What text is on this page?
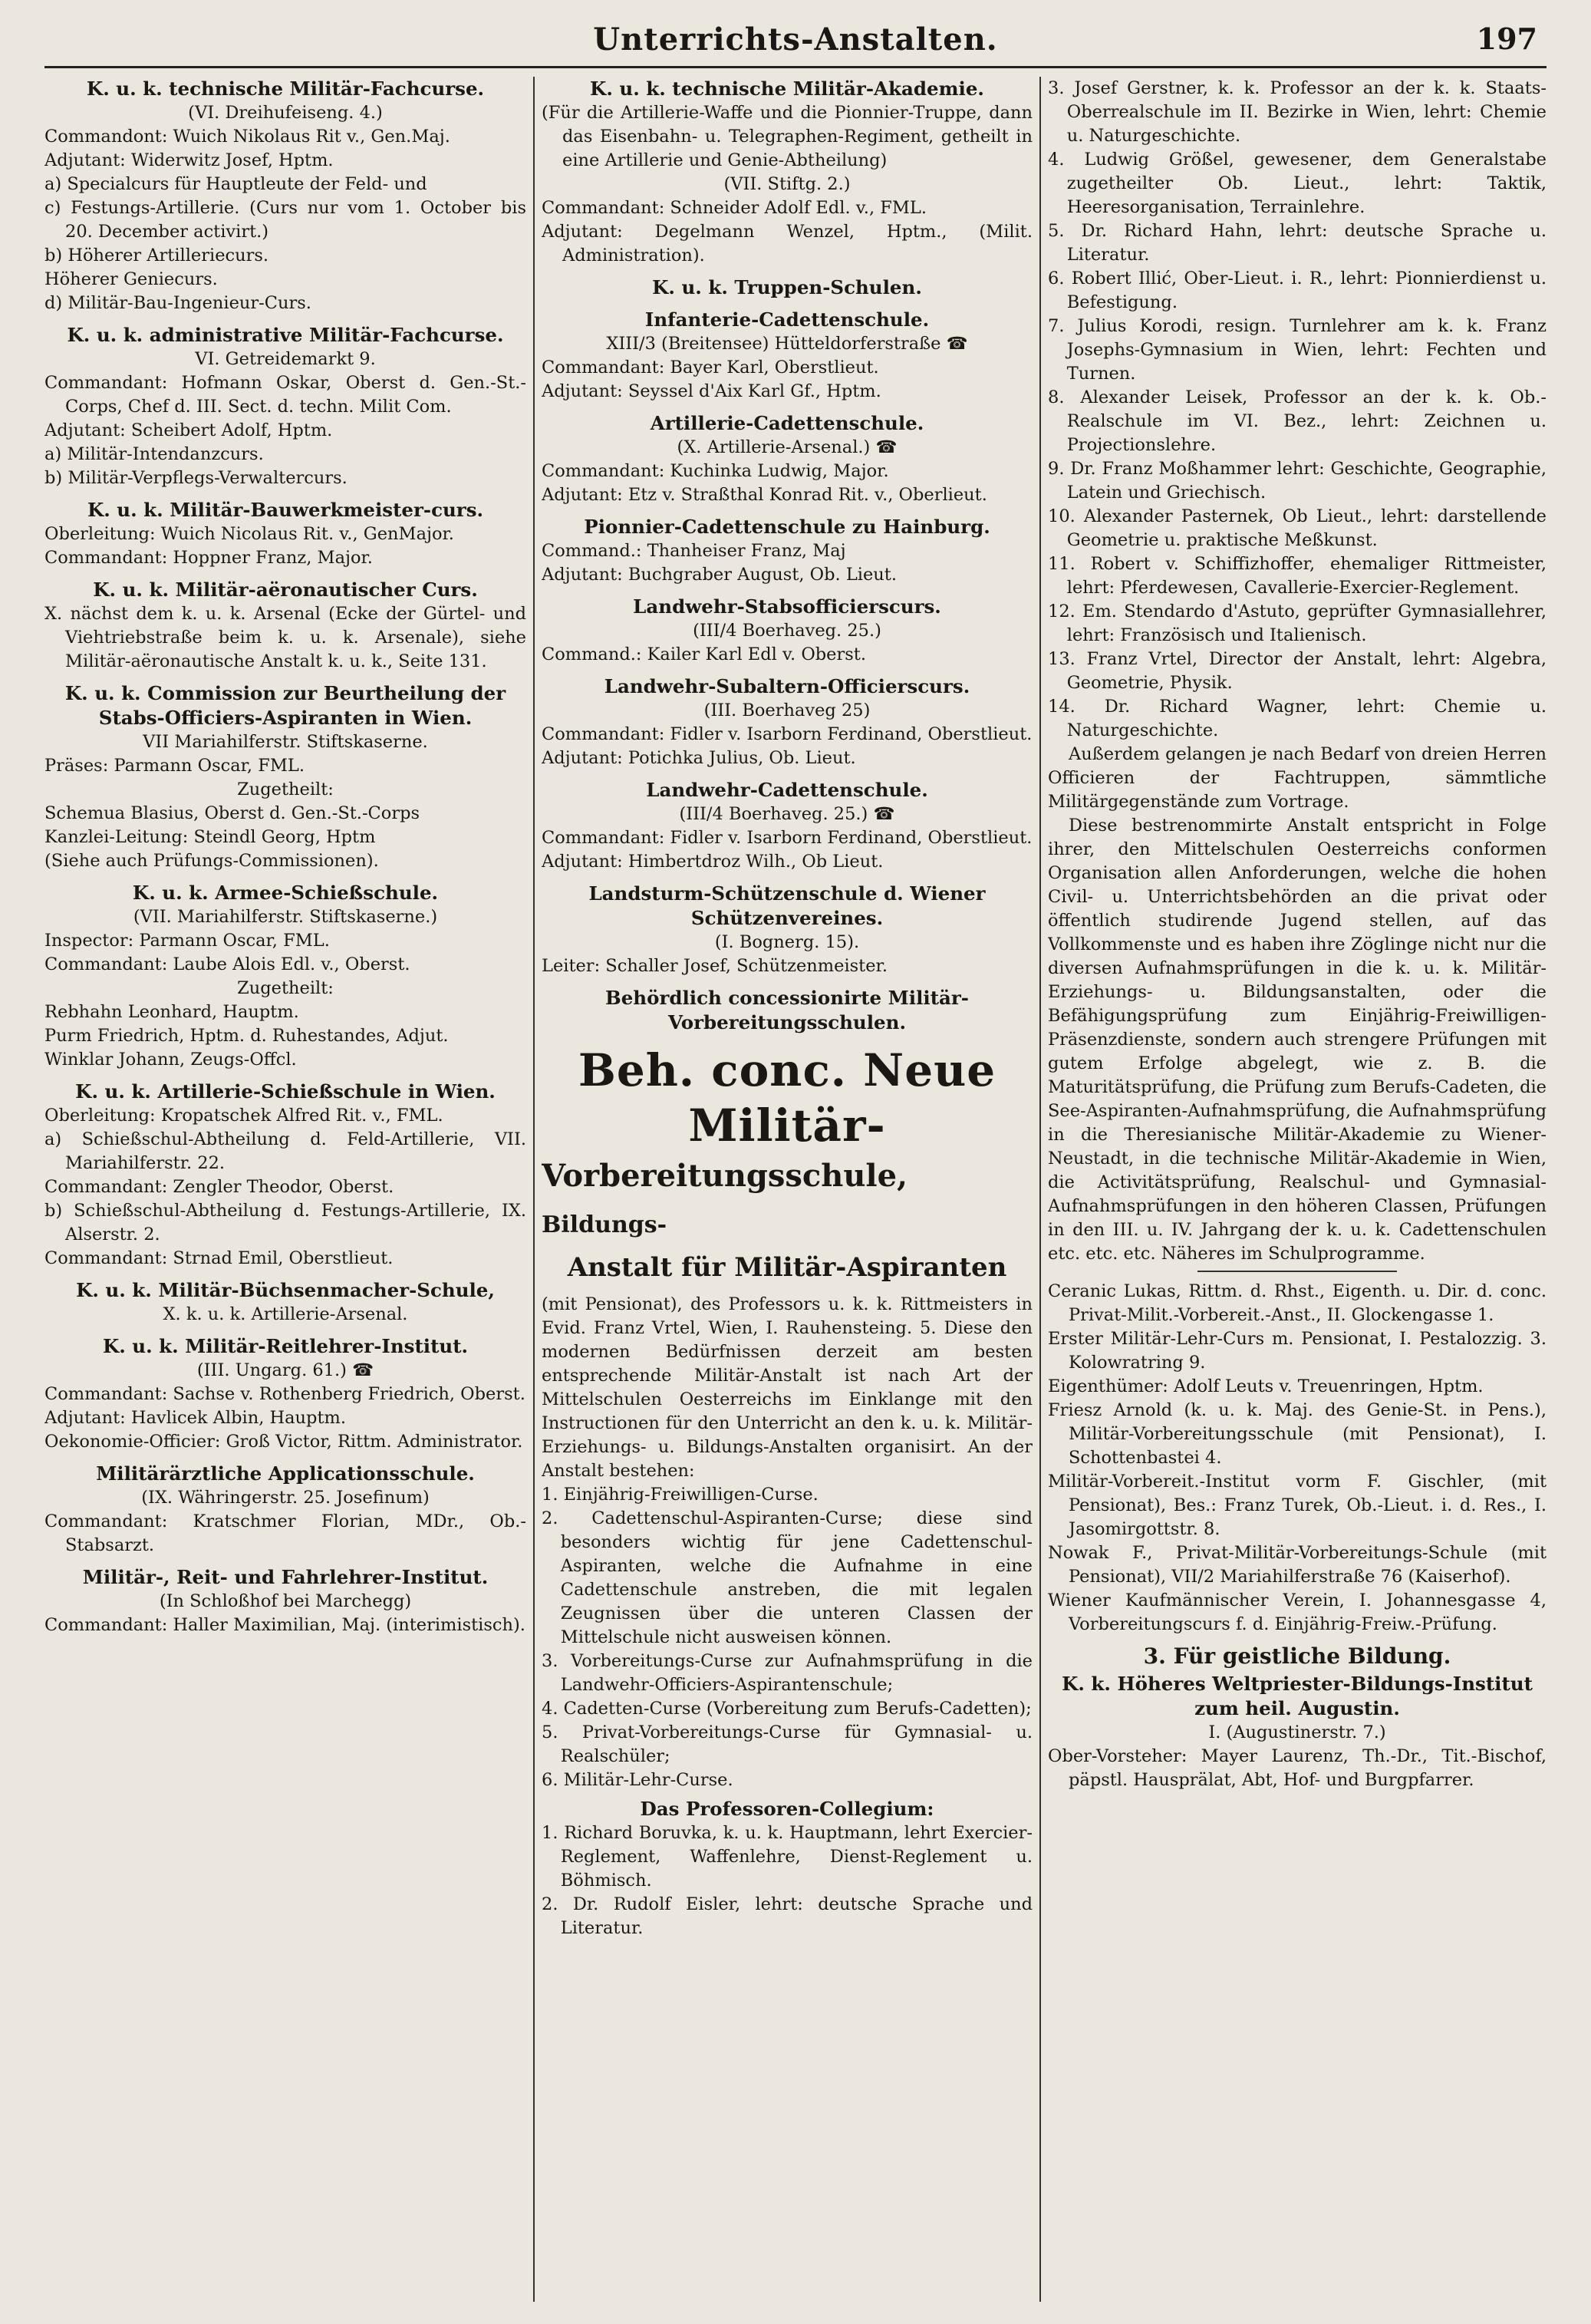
Unterrichts-Anstalten.	197
K. u. k. technische Militär-Fachcurse.
(VI. Dreihufeiseng. 4.)
Commandont: Wuich Nikolaus Rit v., Gen.Maj.
Adjutant: Widerwitz Josef, Hptm.
a) Specialcurs für Hauptleute der Feld- und
c) Festungs-Artillerie. (Curs nur vom 1. October bis 20. December activirt.)
b) Höherer Artilleriecurs.
Höherer Geniecurs.
d) Militär-Bau-Ingenieur-Curs.
K. u. k. administrative Militär-Fachcurse.
VI. Getreidemarkt 9.
Commandant: Hofmann Oskar, Oberst d. Gen.-St.-Corps, Chef d. III. Sect. d. techn. Milit Com.
Adjutant: Scheibert Adolf, Hptm.
a) Militär-Intendanzcurs.
b) Militär-Verpflegs-Verwaltercurs.
K. u. k. Militär-Bauwerkmeister-curs.
Oberleitung: Wuich Nicolaus Rit. v., GenMajor.
Commandant: Hoppner Franz, Major.
K. u. k. Militär-aëronautischer Curs.
X. nächst dem k. u. k. Arsenal (Ecke der Gürtel- und Viehtriebstraße beim k. u. k. Arsenale), siehe Militär-aëronautische Anstalt k. u. k., Seite 131.
K. u. k. Commission zur Beurtheilung der Stabs-Officiers-Aspiranten in Wien.
VII Mariahilferstr. Stiftskaserne.
Präses: Parmann Oscar, FML.
Zugetheilt:
Schemua Blasius, Oberst d. Gen.-St.-Corps
Kanzlei-Leitung: Steindl Georg, Hptm
(Siehe auch Prüfungs-Commissionen).
K. u. k. Armee-Schießschule.
(VII. Mariahilferstr. Stiftskaserne.)
Inspector: Parmann Oscar, FML.
Commandant: Laube Alois Edl. v., Oberst.
Zugetheilt:
Rebhahn Leonhard, Hauptm.
Purm Friedrich, Hptm. d. Ruhestandes, Adjut.
Winklar Johann, Zeugs-Offcl.
K. u. k. Artillerie-Schießschule in Wien.
Oberleitung: Kropatschek Alfred Rit. v., FML.
a) Schießschul-Abtheilung d. Feld-Artillerie, VII. Mariahilferstr. 22.
Commandant: Zengler Theodor, Oberst.
b) Schießschul-Abtheilung d. Festungs-Artillerie, IX. Alserstr. 2.
Commandant: Strnad Emil, Oberstlieut.
K. u. k. Militär-Büchsenmacher-Schule,
X. k. u. k. Artillerie-Arsenal.
K. u. k. Militär-Reitlehrer-Institut.
(III. Ungarg. 61.) ☎
Commandant: Sachse v. Rothenberg Friedrich, Oberst.
Adjutant: Havlicek Albin, Hauptm.
Oekonomie-Officier: Groß Victor, Rittm. Administrator.
Militärärztliche Applicationsschule.
(IX. Währingerstr. 25. Josefinum)
Commandant: Kratschmer Florian, MDr., Ob.-Stabsarzt.
Militär-, Reit- und Fahrlehrer-Institut.
(In Schloßhof bei Marchegg)
Commandant: Haller Maximilian, Maj. (interimistisch).
K. u. k. technische Militär-Akademie.
(Für die Artillerie-Waffe und die Pionnier-Truppe, dann das Eisenbahn- u. Telegraphen-Regiment, getheilt in eine Artillerie und Genie-Abtheilung)
(VII. Stiftg. 2.)
Commandant: Schneider Adolf Edl. v., FML.
Adjutant: Degelmann Wenzel, Hptm., (Milit. Administration).
K. u. k. Truppen-Schulen.
Infanterie-Cadettenschule.
XIII/3 (Breitensee) Hütteldorferstraße ☎
Commandant: Bayer Karl, Oberstlieut.
Adjutant: Seyssel d'Aix Karl Gf., Hptm.
Artillerie-Cadettenschule.
(X. Artillerie-Arsenal.) ☎
Commandant: Kuchinka Ludwig, Major.
Adjutant: Etz v. Straßthal Konrad Rit. v., Oberlieut.
Pionnier-Cadettenschule zu Hainburg.
Command.: Thanheiser Franz, Maj
Adjutant: Buchgraber August, Ob. Lieut.
Landwehr-Stabsofficierscurs.
(III/4 Boerhaveg. 25.)
Command.: Kailer Karl Edl v. Oberst.
Landwehr-Subaltern-Officierscurs.
(III. Boerhaveg 25)
Commandant: Fidler v. Isarborn Ferdinand, Oberstlieut.
Adjutant: Potichka Julius, Ob. Lieut.
Landwehr-Cadettenschule.
(III/4 Boerhaveg. 25.) ☎
Commandant: Fidler v. Isarborn Ferdinand, Oberstlieut.
Adjutant: Himbertdroz Wilh., Ob Lieut.
Landsturm-Schützenschule d. Wiener Schützenvereines.
(I. Bognerg. 15).
Leiter: Schaller Josef, Schützenmeister.
Behördlich concessionirte Militär-Vorbereitungsschulen.
Beh. conc. Neue Militär-
Vorbereitungsschule, Bildungs-
Anstalt für Militär-Aspiranten
(mit Pensionat), des Professors u. k. k. Rittmeisters in Evid. Franz Vrtel, Wien, I. Rauhensteing. 5. Diese den modernen Bedürfnissen derzeit am besten entsprechende Militär-Anstalt ist nach Art der Mittelschulen Oesterreichs im Einklange mit den Instructionen für den Unterricht an den k. u. k. Militär-Erziehungs- u. Bildungs-Anstalten organisirt. An der Anstalt bestehen:
1. Einjährig-Freiwilligen-Curse.
2. Cadettenschul-Aspiranten-Curse; diese sind besonders wichtig für jene Cadettenschul-Aspiranten, welche die Aufnahme in eine Cadettenschule anstreben, die mit legalen Zeugnissen über die unteren Classen der Mittelschule nicht ausweisen können.
3. Vorbereitungs-Curse zur Aufnahmsprüfung in die Landwehr-Officiers-Aspirantenschule;
4. Cadetten-Curse (Vorbereitung zum Berufs-Cadetten);
5. Privat-Vorbereitungs-Curse für Gymnasial- u. Realschüler;
6. Militär-Lehr-Curse.
Das Professoren-Collegium:
1. Richard Boruvka, k. u. k. Hauptmann, lehrt Exercier-Reglement, Waffenlehre, Dienst-Reglement u. Böhmisch.
2. Dr. Rudolf Eisler, lehrt: deutsche Sprache und Literatur.
3. Josef Gerstner, k. k. Professor an der k. k. Staats-Oberrealschule im II. Bezirke in Wien, lehrt: Chemie u. Naturgeschichte.
4. Ludwig Größel, gewesener, dem Generalstabe zugetheilter Ob. Lieut., lehrt: Taktik, Heeresorganisation, Terrainlehre.
5. Dr. Richard Hahn, lehrt: deutsche Sprache u. Literatur.
6. Robert Illić, Ober-Lieut. i. R., lehrt: Pionnierdienst u. Befestigung.
7. Julius Korodi, resign. Turnlehrer am k. k. Franz Josephs-Gymnasium in Wien, lehrt: Fechten und Turnen.
8. Alexander Leisek, Professor an der k. k. Ob.-Realschule im VI. Bez., lehrt: Zeichnen u. Projectionslehre.
9. Dr. Franz Moßhammer lehrt: Geschichte, Geographie, Latein und Griechisch.
10. Alexander Pasternek, Ob Lieut., lehrt: darstellende Geometrie u. praktische Meßkunst.
11. Robert v. Schiffizhoffer, ehemaliger Rittmeister, lehrt: Pferdewesen, Cavallerie-Exercier-Reglement.
12. Em. Stendardo d'Astuto, geprüfter Gymnasiallehrer, lehrt: Französisch und Italienisch.
13. Franz Vrtel, Director der Anstalt, lehrt: Algebra, Geometrie, Physik.
14. Dr. Richard Wagner, lehrt: Chemie u. Naturgeschichte.
Außerdem gelangen je nach Bedarf von dreien Herren Officieren der Fachtruppen, sämmtliche Militärgegenstände zum Vortrage.
Diese bestrenommirte Anstalt entspricht in Folge ihrer, den Mittelschulen Oesterreichs conformen Organisation allen Anforderungen, welche die hohen Civil- u. Unterrichtsbehörden an die privat oder öffentlich studirende Jugend stellen, auf das Vollkommenste und es haben ihre Zöglinge nicht nur die diversen Aufnahmsprüfungen in die k. u. k. Militär-Erziehungs- u. Bildungsanstalten, oder die Befähigungsprüfung zum Einjährig-Freiwilligen-Präsenzdienste, sondern auch strengere Prüfungen mit gutem Erfolge abgelegt, wie z. B. die Maturitätsprüfung, die Prüfung zum Berufs-Cadeten, die See-Aspiranten-Aufnahmsprüfung, die Aufnahmsprüfung in die Theresianische Militär-Akademie zu Wiener-Neustadt, in die technische Militär-Akademie in Wien, die Activitätsprüfung, Realschul- und Gymnasial-Aufnahmsprüfungen in den höheren Classen, Prüfungen in den III. u. IV. Jahrgang der k. u. k. Cadettenschulen etc. etc. etc. Näheres im Schulprogramme.
Ceranic Lukas, Rittm. d. Rhst., Eigenth. u. Dir. d. conc. Privat-Milit.-Vorbereit.-Anst., II. Glockengasse 1.
Erster Militär-Lehr-Curs m. Pensionat, I. Pestalozzig. 3. Kolowratring 9.
Eigenthümer: Adolf Leuts v. Treuenringen, Hptm.
Friesz Arnold (k. u. k. Maj. des Genie-St. in Pens.), Militär-Vorbereitungsschule (mit Pensionat), I. Schottenbastei 4.
Militär-Vorbereit.-Institut vorm F. Gischler, (mit Pensionat), Bes.: Franz Turek, Ob.-Lieut. i. d. Res., I. Jasomirgottstr. 8.
Nowak F., Privat-Militär-Vorbereitungs-Schule (mit Pensionat), VII/2 Mariahilferstraße 76 (Kaiserhof).
Wiener Kaufmännischer Verein, I. Johannesgasse 4, Vorbereitungscurs f. d. Einjährig-Freiw.-Prüfung.
3. Für geistliche Bildung.
K. k. Höheres Weltpriester-Bildungs-Institut zum heil. Augustin.
I. (Augustinerstr. 7.)
Ober-Vorsteher: Mayer Laurenz, Th.-Dr., Tit.-Bischof, päpstl. Hausprälat, Abt, Hof- und Burgpfarrer.
